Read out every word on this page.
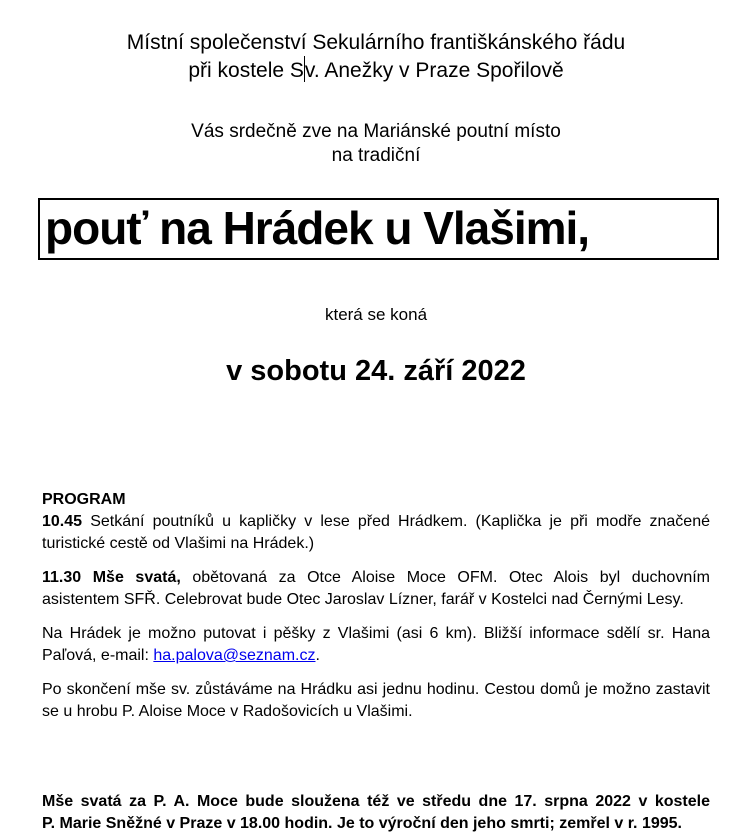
Místní společenství Sekulárního františkánského řádu
při kostele Sv. Anežky v Praze Spořilově
Vás srdečně zve na Mariánské poutní místo
na tradiční
pouť na Hrádek u Vlašimi,
která se koná
v sobotu 24. září 2022
PROGRAM
10.45 Setkání poutníků u kapličky v lese před Hrádkem. (Kaplička je při modře značené
turistické cestě od Vlašimi na Hrádek.)
11.30 Mše svatá, obětovaná za Otce Aloise Moce OFM. Otec Alois byl duchovním
asistentem SFŘ. Celebrovat bude Otec Jaroslav Lízner, farář v Kostelci nad Černými Lesy.
Na Hrádek je možno putovat i pěšky z Vlašimi (asi 6 km). Bližší informace sdělí sr. Hana
Paľová, e-mail: ha.palova@seznam.cz.
Po skončení mše sv. zůstáváme na Hrádku asi jednu hodinu. Cestou domů je možno zastavit
se u hrobu P. Aloise Moce v Radošovicích u Vlašimi.
Mše svatá za P. A. Moce bude sloužena též ve středu dne 17. srpna 2022 v kostele
P. Marie Sněžné v Praze v 18.00 hodin. Je to výroční den jeho smrti; zemřel v r. 1995.
